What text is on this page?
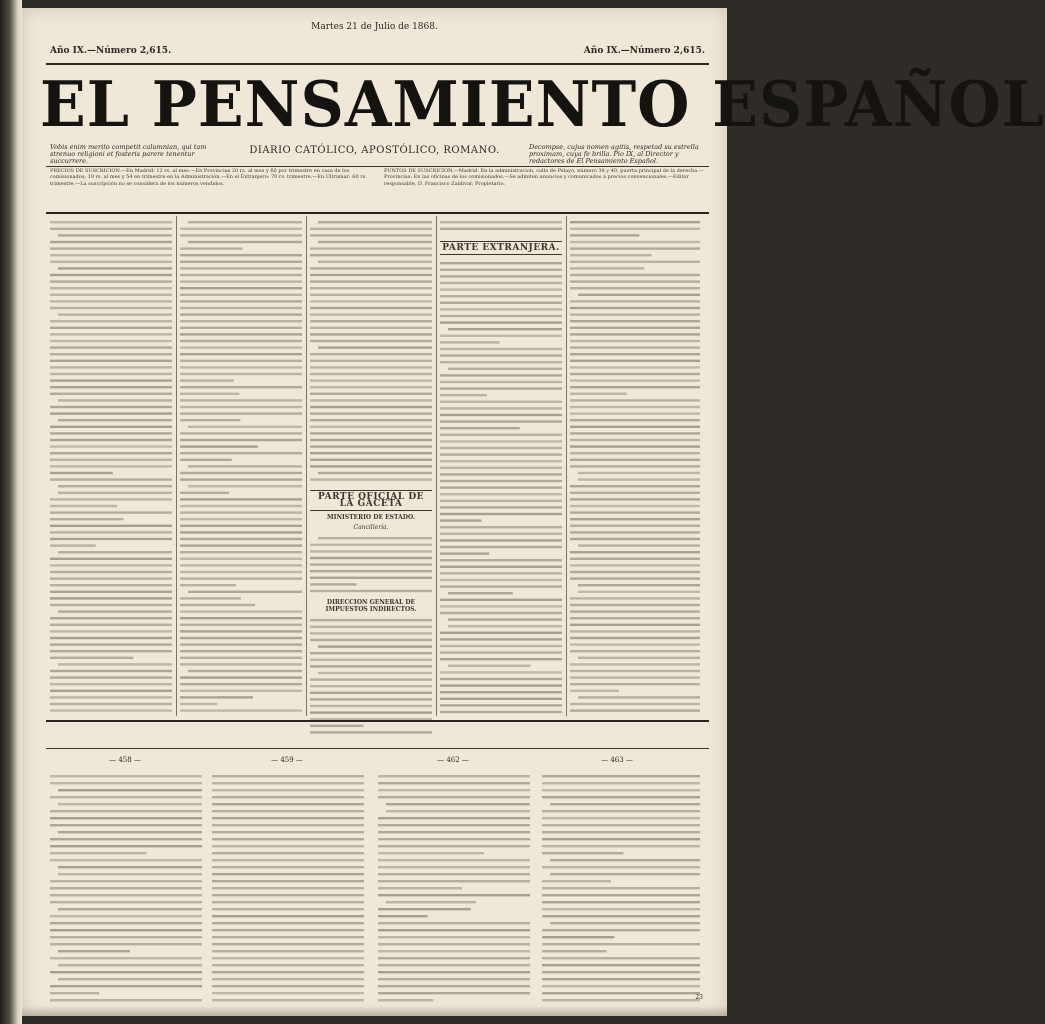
Año IX.—Número 2,615.
Martes 21 de Julio de 1868.
Año IX.—Número 2,615.
EL PENSAMIENTO ESPAÑOL
Vobis enim merito competit calumnian, qui tam strenuo religioni et fosteris parere tenentur succurrere.
DIARIO CATÓLICO, APOSTÓLICO, ROMANO.	Decompse, cujus nomen agitis, respetad su estrella proximam, cuya fe brilla. Pio IX, al Director y redactores de El Pensamiento Español.
PRECIOS DE SUSCRICION.—En Madrid: 12 rs. al mes.—En Provincias 20 rs. al mes y 60 por trimestre en casa de los comisionados; 19 rs. al mes y 54 en trimestre en la Administración.—En el Extranjero: 70 rs. trimestre.—En Ultramar: 60 rs. trimestre.—La suscripción no se considera de los números vendidos.
PUNTOS DE SUSCRICION.—Madrid: En la administracion, calle de Pelayo, número 38 y 40, puerta principal de la derecha.—Provincias: En las oficinas de los comisionados.—Se admiten anuncios y comunicados á precios convencionales.—Editor responsable, D. Francisco Zaldivar, Propietario.
PARTE OFICIAL DE LA GACETA
MINISTERIO DE ESTADO.
Cancillería.
DIRECCION GENERAL DE IMPUESTOS INDIRECTOS.
PARTE EXTRANJERA.
— 458 —	— 459 —	— 462 —	— 463 —
23
